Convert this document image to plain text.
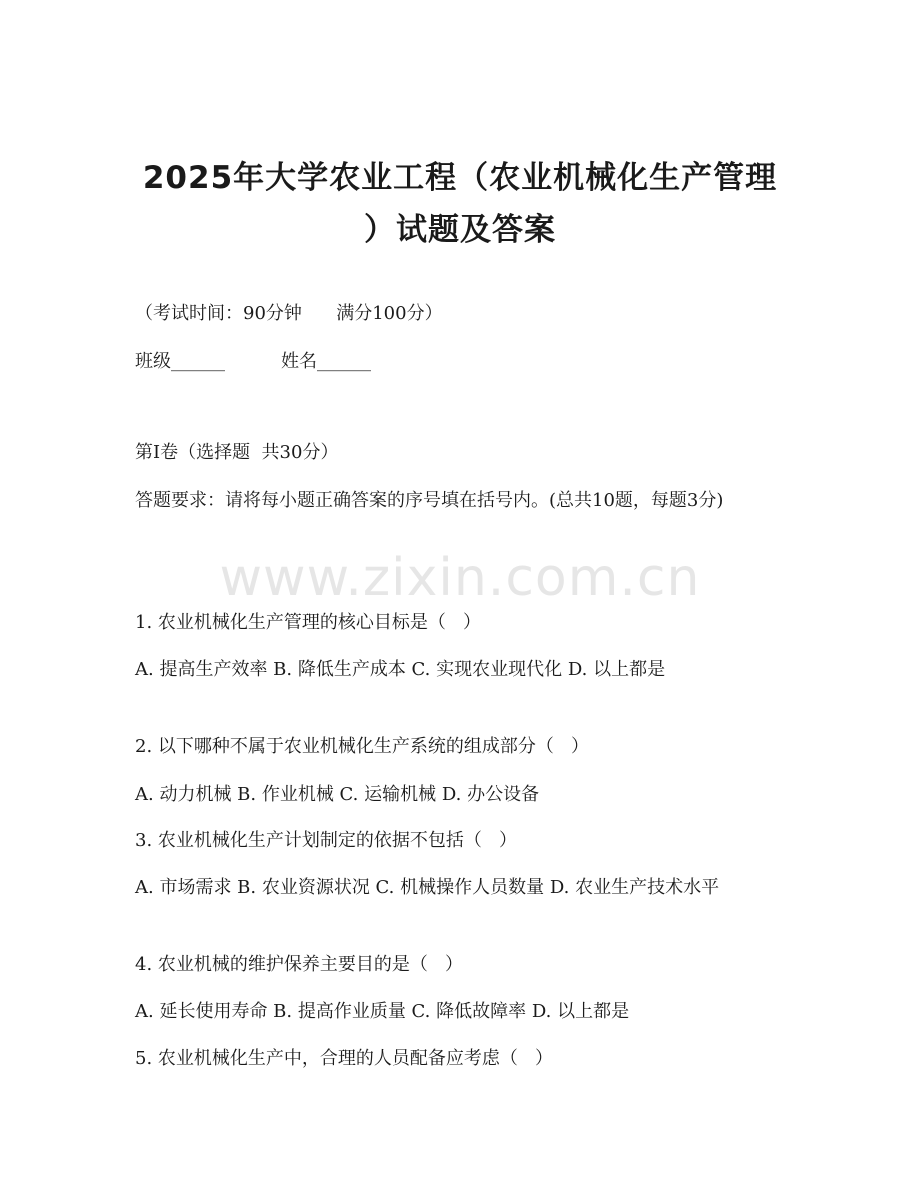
2025年大学农业工程（农业机械化生产管理
）试题及答案
（考试时间：90分钟      满分100分）
班级______	姓名______
第I卷（选择题  共30分）
答题要求：请将每小题正确答案的序号填在括号内。(总共10题，每题3分)
www.zixin.com.cn
1. 农业机械化生产管理的核心目标是（   ）
A. 提高生产效率 B. 降低生产成本 C. 实现农业现代化 D. 以上都是
2. 以下哪种不属于农业机械化生产系统的组成部分（   ）
A. 动力机械 B. 作业机械 C. 运输机械 D. 办公设备
3. 农业机械化生产计划制定的依据不包括（   ）
A. 市场需求 B. 农业资源状况 C. 机械操作人员数量 D. 农业生产技术水平
4. 农业机械的维护保养主要目的是（   ）
A. 延长使用寿命 B. 提高作业质量 C. 降低故障率 D. 以上都是
5. 农业机械化生产中，合理的人员配备应考虑（   ）
